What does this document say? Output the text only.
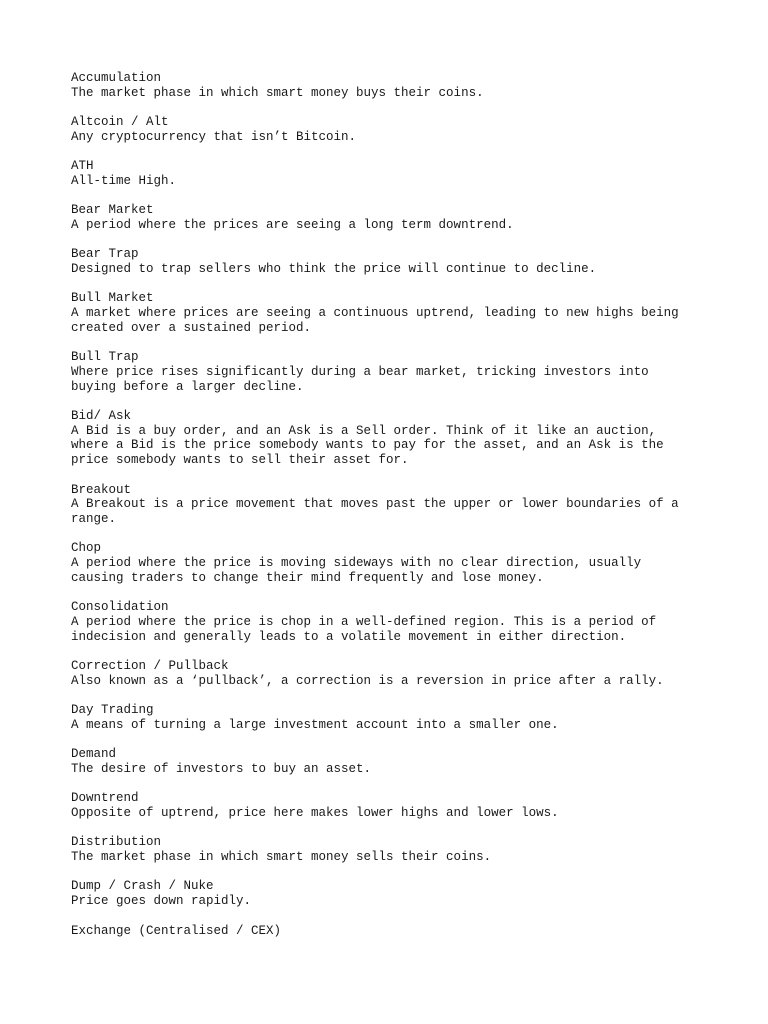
Accumulation
The market phase in which smart money buys their coins.
Altcoin / Alt
Any cryptocurrency that isn’t Bitcoin.
ATH
All-time High.
Bear Market
A period where the prices are seeing a long term downtrend.
Bear Trap
Designed to trap sellers who think the price will continue to decline.
Bull Market
A market where prices are seeing a continuous uptrend, leading to new highs being
created over a sustained period.
Bull Trap
Where price rises significantly during a bear market, tricking investors into
buying before a larger decline.
Bid/ Ask
A Bid is a buy order, and an Ask is a Sell order. Think of it like an auction,
where a Bid is the price somebody wants to pay for the asset, and an Ask is the
price somebody wants to sell their asset for.
Breakout
A Breakout is a price movement that moves past the upper or lower boundaries of a
range.
Chop
A period where the price is moving sideways with no clear direction, usually
causing traders to change their mind frequently and lose money.
Consolidation
A period where the price is chop in a well-defined region. This is a period of
indecision and generally leads to a volatile movement in either direction.
Correction / Pullback
Also known as a ‘pullback’, a correction is a reversion in price after a rally.
Day Trading
A means of turning a large investment account into a smaller one.
Demand
The desire of investors to buy an asset.
Downtrend
Opposite of uptrend, price here makes lower highs and lower lows.
Distribution
The market phase in which smart money sells their coins.
Dump / Crash / Nuke
Price goes down rapidly.
Exchange (Centralised / CEX)
